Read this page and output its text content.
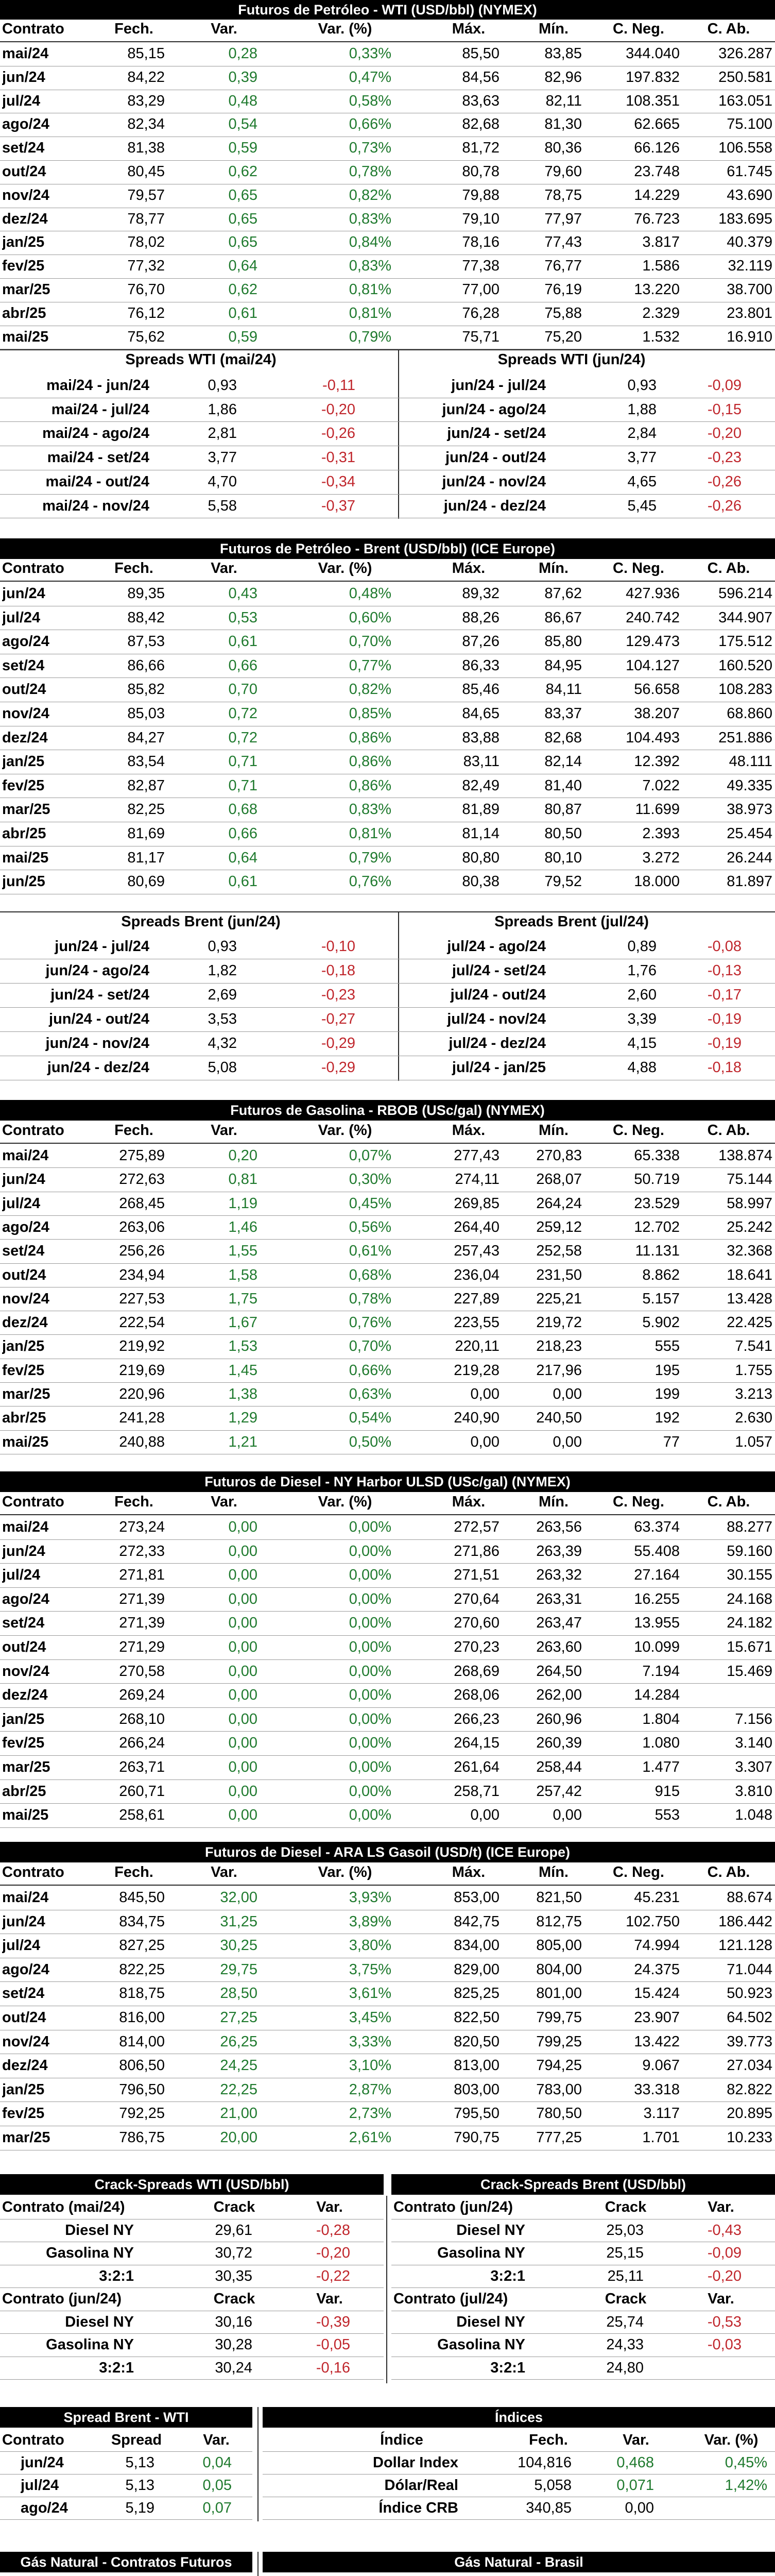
Futuros de Petróleo - WTI (USD/bbl) (NYMEX)
Contrato	Fech.	Var.	Var. (%)	Máx.	Mín.	C. Neg.	C. Ab.
mai/24	85,15	0,28	0,33%	85,50	83,85	344.040	326.287
jun/24	84,22	0,39	0,47%	84,56	82,96	197.832	250.581
jul/24	83,29	0,48	0,58%	83,63	82,11	108.351	163.051
ago/24	82,34	0,54	0,66%	82,68	81,30	62.665	75.100
set/24	81,38	0,59	0,73%	81,72	80,36	66.126	106.558
out/24	80,45	0,62	0,78%	80,78	79,60	23.748	61.745
nov/24	79,57	0,65	0,82%	79,88	78,75	14.229	43.690
dez/24	78,77	0,65	0,83%	79,10	77,97	76.723	183.695
jan/25	78,02	0,65	0,84%	78,16	77,43	3.817	40.379
fev/25	77,32	0,64	0,83%	77,38	76,77	1.586	32.119
mar/25	76,70	0,62	0,81%	77,00	76,19	13.220	38.700
abr/25	76,12	0,61	0,81%	76,28	75,88	2.329	23.801
mai/25	75,62	0,59	0,79%	75,71	75,20	1.532	16.910
Spreads WTI (mai/24)	Spreads WTI (jun/24)
mai/24 - jun/24	0,93	-0,11	jun/24 - jul/24	0,93	-0,09
mai/24 - jul/24	1,86	-0,20	jun/24 - ago/24	1,88	-0,15
mai/24 - ago/24	2,81	-0,26	jun/24 - set/24	2,84	-0,20
mai/24 - set/24	3,77	-0,31	jun/24 - out/24	3,77	-0,23
mai/24 - out/24	4,70	-0,34	jun/24 - nov/24	4,65	-0,26
mai/24 - nov/24	5,58	-0,37	jun/24 - dez/24	5,45	-0,26
Futuros de Petróleo - Brent (USD/bbl) (ICE Europe)
Contrato	Fech.	Var.	Var. (%)	Máx.	Mín.	C. Neg.	C. Ab.
jun/24	89,35	0,43	0,48%	89,32	87,62	427.936	596.214
jul/24	88,42	0,53	0,60%	88,26	86,67	240.742	344.907
ago/24	87,53	0,61	0,70%	87,26	85,80	129.473	175.512
set/24	86,66	0,66	0,77%	86,33	84,95	104.127	160.520
out/24	85,82	0,70	0,82%	85,46	84,11	56.658	108.283
nov/24	85,03	0,72	0,85%	84,65	83,37	38.207	68.860
dez/24	84,27	0,72	0,86%	83,88	82,68	104.493	251.886
jan/25	83,54	0,71	0,86%	83,11	82,14	12.392	48.111
fev/25	82,87	0,71	0,86%	82,49	81,40	7.022	49.335
mar/25	82,25	0,68	0,83%	81,89	80,87	11.699	38.973
abr/25	81,69	0,66	0,81%	81,14	80,50	2.393	25.454
mai/25	81,17	0,64	0,79%	80,80	80,10	3.272	26.244
jun/25	80,69	0,61	0,76%	80,38	79,52	18.000	81.897
Spreads Brent (jun/24)	Spreads Brent (jul/24)
jun/24 - jul/24	0,93	-0,10	jul/24 - ago/24	0,89	-0,08
jun/24 - ago/24	1,82	-0,18	jul/24 - set/24	1,76	-0,13
jun/24 - set/24	2,69	-0,23	jul/24 - out/24	2,60	-0,17
jun/24 - out/24	3,53	-0,27	jul/24 - nov/24	3,39	-0,19
jun/24 - nov/24	4,32	-0,29	jul/24 - dez/24	4,15	-0,19
jun/24 - dez/24	5,08	-0,29	jul/24 - jan/25	4,88	-0,18
Futuros de Gasolina - RBOB (USc/gal) (NYMEX)
Contrato	Fech.	Var.	Var. (%)	Máx.	Mín.	C. Neg.	C. Ab.
mai/24	275,89	0,20	0,07%	277,43	270,83	65.338	138.874
jun/24	272,63	0,81	0,30%	274,11	268,07	50.719	75.144
jul/24	268,45	1,19	0,45%	269,85	264,24	23.529	58.997
ago/24	263,06	1,46	0,56%	264,40	259,12	12.702	25.242
set/24	256,26	1,55	0,61%	257,43	252,58	11.131	32.368
out/24	234,94	1,58	0,68%	236,04	231,50	8.862	18.641
nov/24	227,53	1,75	0,78%	227,89	225,21	5.157	13.428
dez/24	222,54	1,67	0,76%	223,55	219,72	5.902	22.425
jan/25	219,92	1,53	0,70%	220,11	218,23	555	7.541
fev/25	219,69	1,45	0,66%	219,28	217,96	195	1.755
mar/25	220,96	1,38	0,63%	0,00	0,00	199	3.213
abr/25	241,28	1,29	0,54%	240,90	240,50	192	2.630
mai/25	240,88	1,21	0,50%	0,00	0,00	77	1.057
Futuros de Diesel - NY Harbor ULSD (USc/gal) (NYMEX)
Contrato	Fech.	Var.	Var. (%)	Máx.	Mín.	C. Neg.	C. Ab.
mai/24	273,24	0,00	0,00%	272,57	263,56	63.374	88.277
jun/24	272,33	0,00	0,00%	271,86	263,39	55.408	59.160
jul/24	271,81	0,00	0,00%	271,51	263,32	27.164	30.155
ago/24	271,39	0,00	0,00%	270,64	263,31	16.255	24.168
set/24	271,39	0,00	0,00%	270,60	263,47	13.955	24.182
out/24	271,29	0,00	0,00%	270,23	263,60	10.099	15.671
nov/24	270,58	0,00	0,00%	268,69	264,50	7.194	15.469
dez/24	269,24	0,00	0,00%	268,06	262,00	14.284
jan/25	268,10	0,00	0,00%	266,23	260,96	1.804	7.156
fev/25	266,24	0,00	0,00%	264,15	260,39	1.080	3.140
mar/25	263,71	0,00	0,00%	261,64	258,44	1.477	3.307
abr/25	260,71	0,00	0,00%	258,71	257,42	915	3.810
mai/25	258,61	0,00	0,00%	0,00	0,00	553	1.048
Futuros de Diesel - ARA LS Gasoil (USD/t) (ICE Europe)
Contrato	Fech.	Var.	Var. (%)	Máx.	Mín.	C. Neg.	C. Ab.
mai/24	845,50	32,00	3,93%	853,00	821,50	45.231	88.674
jun/24	834,75	31,25	3,89%	842,75	812,75	102.750	186.442
jul/24	827,25	30,25	3,80%	834,00	805,00	74.994	121.128
ago/24	822,25	29,75	3,75%	829,00	804,00	24.375	71.044
set/24	818,75	28,50	3,61%	825,25	801,00	15.424	50.923
out/24	816,00	27,25	3,45%	822,50	799,75	23.907	64.502
nov/24	814,00	26,25	3,33%	820,50	799,25	13.422	39.773
dez/24	806,50	24,25	3,10%	813,00	794,25	9.067	27.034
jan/25	796,50	22,25	2,87%	803,00	783,00	33.318	82.822
fev/25	792,25	21,00	2,73%	795,50	780,50	3.117	20.895
mar/25	786,75	20,00	2,61%	790,75	777,25	1.701	10.233
Crack-Spreads WTI (USD/bbl)	Crack-Spreads Brent (USD/bbl)
Contrato (mai/24)	Crack	Var.
Diesel NY	29,61	-0,28
Gasolina NY	30,72	-0,20
3:2:1	30,35	-0,22
Contrato (jun/24)	Crack	Var.
Diesel NY	30,16	-0,39
Gasolina NY	30,28	-0,05
3:2:1	30,24	-0,16
Contrato (jun/24)	Crack	Var.
Diesel NY	25,03	-0,43
Gasolina NY	25,15	-0,09
3:2:1	25,11	-0,20
Contrato (jul/24)	Crack	Var.
Diesel NY	25,74	-0,53
Gasolina NY	24,33	-0,03
3:2:1	24,80
Spread Brent - WTI	Índices
Contrato	Spread	Var.
jun/24	5,13	0,04
jul/24	5,13	0,05
ago/24	5,19	0,07
Índice	Fech.	Var.	Var. (%)
Dollar Index	104,816	0,468	0,45%
Dólar/Real	5,058	0,071	1,42%
Índice CRB	340,85	0,00
Gás Natural - Contratos Futuros	Gás Natural - Brasil
